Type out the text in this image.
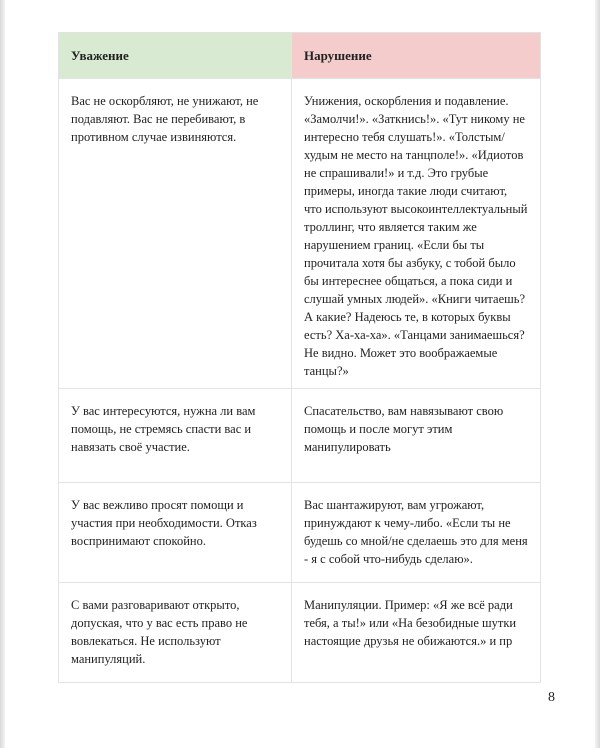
Уважение	Нарушение
Вас не оскорбляют, не унижают, не подавляют. Вас не перебивают, в противном случае извиняются.	Унижения, оскорбления и подавление. «Замолчи!». «Заткнись!». «Тут никому не интересно тебя слушать!». «Толстым/худым не место на танцполе!». «Идиотов не спрашивали!» и т.д. Это грубые примеры, иногда такие люди считают, что используют высокоинтеллектуальный троллинг, что является таким же нарушением границ. «Если бы ты прочитала хотя бы азбуку, с тобой было бы интереснее общаться, а пока сиди и слушай умных людей». «Книги читаешь? А какие? Надеюсь те, в которых буквы есть? Ха-ха-ха». «Танцами занимаешься? Не видно. Может это воображаемые танцы?»
У вас интересуются, нужна ли вам помощь, не стремясь спасти вас и навязать своё участие.	Спасательство, вам навязывают свою помощь и после могут этим манипулировать
У вас вежливо просят помощи и участия при необходимости. Отказ воспринимают спокойно.	Вас шантажируют, вам угрожают, принуждают к чему-либо. «Если ты не будешь со мной/не сделаешь это для меня - я с собой что-нибудь сделаю».
С вами разговаривают открыто, допуская, что у вас есть право не вовлекаться. Не используют манипуляций.	Манипуляции. Пример: «Я же всё ради тебя, а ты!» или «На безобидные шутки настоящие друзья не обижаются.» и пр
8
